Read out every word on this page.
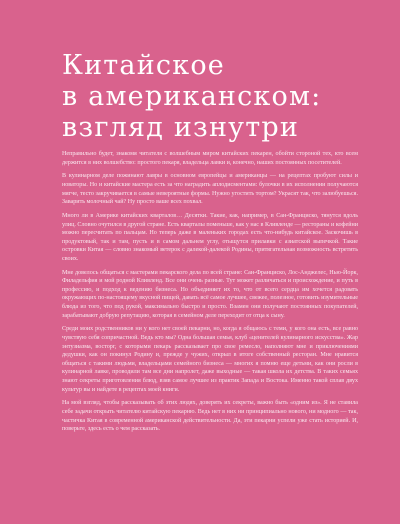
Китайское
в американском:
взгляд изнутри

Неправильно будет, знакомя читателя с волшебным миром китайских пекарен, обойти стороной тех, кто всем держится в них волшебство: простого пекаря, владельца лавки и, конечно, наших постоянных посетителей.

В кулинарном деле пожинают лавры в основном европейцы и американцы — на рецептах пробуют силы и новаторы. Но и китайские мастера есть за что наградить аплодисментами: булочки в их исполнении получаются мягче, тесто закручивается в самые невероятные формы. Нужно угостить тортом? Украсят так, что залюбуешься. Заварить молочный чай? Ну просто ваше всех похвал.

Много ли в Америке китайских кварталов… Десятки. Такие, как, например, в Сан-Франциско, тянутся вдоль улиц. Словно очутился в другой стране. Есть кварталы поменьше, как у нас в Кливленде — рестораны и кофейни можно пересчитать по пальцам. Но теперь даже в маленьких городах есть что-нибудь китайское. Заскочишь в продуктовый, так и там, пусть и в самом дальнем углу, отыщутся прилавки с азиатской выпечкой. Такие островки Китая — словно знакомый ветерок с далекой-далекой Родины, притягательная возможность встретить своих.

Мне довелось общаться с мастерами пекарского дела по всей стране: Сан-Франциско, Лос-Анджелес, Нью-Йорк, Филадельфия и мой родной Кливленд. Все они очень разные. Тут может различаться и происхождение, и путь в профессию, и подход к ведению бизнеса. Но объединяет их то, что от всего сердца им хочется радовать окружающих по-настоящему вкусной пищей, давать всё самое лучшее, свежее, полезное, готовить изумительные блюда из того, что под рукой, максимально быстро и просто. Взамен они получают постоянных покупателей, зарабатывают добрую репутацию, которая в семейном деле переходит от отца к сыну.

Среди моих родственников ни у кого нет своей пекарни, но, когда я общаюсь с теми, у кого она есть, все равно чувствую себя сопричастной. Ведь кто мы? Одна большая семья, клуб «ценителей кулинарного искусства». Жар энтузиазма, восторг, с которыми пекарь рассказывает про свое ремесло, наполняют мне и приключениями дедушки, как он покинул Родину и, прежде у чужих, открыл в итоге собственный ресторан. Мне нравится общаться с такими людьми, владельцами семейного бизнеса — многих я помню еще детьми, как они росли в кулинарной лавке, проводили там все дни напролет, даже выходные — такая школа их детства. В таких семьях знают секреты приготовления блюд, взяв самое лучшее из практик Запада и Востока. Именно такой сплав двух культур вы и найдете в рецептах моей книги.

На мой взгляд, чтобы рассказывать об этих людях, доверять их секреты, важно быть «одним из». Я не ставила себе задачи открыть читателю китайскую пекарню. Ведь нет в них ни принципиально нового, ни модного — так, частичка Китая в современной американской действительности. Да, эти пекарни успели уже стать историей. И, поверьте, здесь есть о чем рассказать.
